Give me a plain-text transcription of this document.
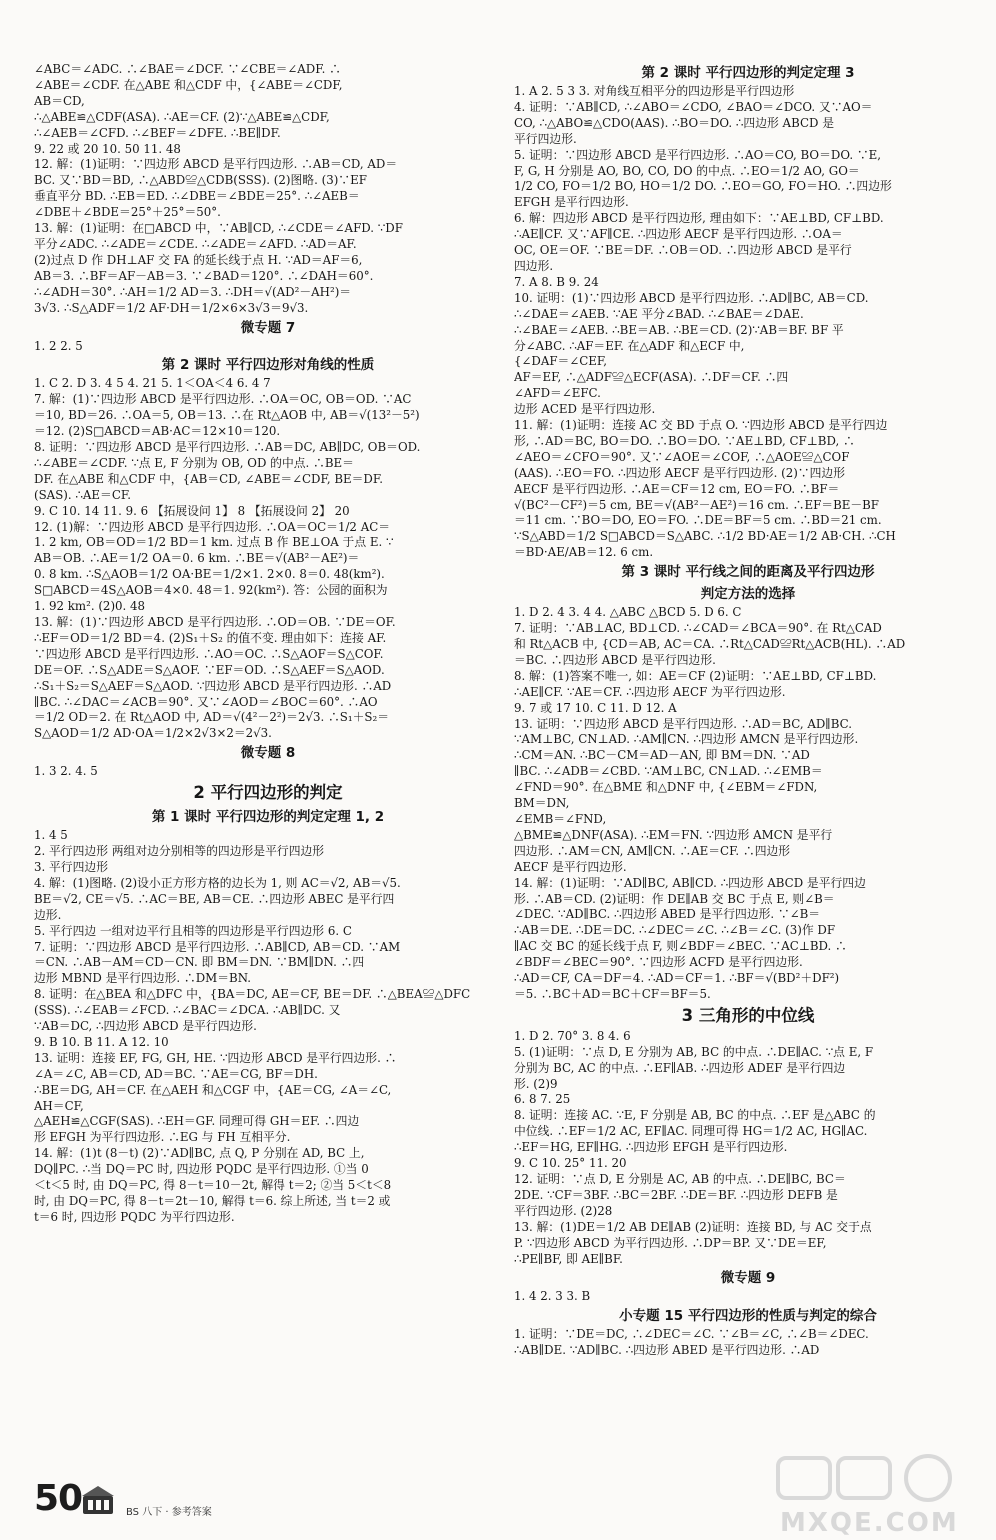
∠ABC＝∠ADC. ∴∠BAE＝∠DCF. ∵∠CBE＝∠ADF. ∴
∠ABE＝∠CDF. 在△ABE 和△CDF 中，{∠ABE＝∠CDF,
AB＝CD,
∴△ABE≌△CDF(ASA). ∴AE＝CF. (2)∵△ABE≌△CDF,
∴∠AEB＝∠CFD. ∴∠BEF＝∠DFE. ∴BE∥DF.
9. 22 或 20 10. 50 11. 48
12. 解：(1)证明：∵四边形 ABCD 是平行四边形. ∴AB＝CD, AD＝
BC. 又∵BD＝BD, ∴△ABD≌△CDB(SSS). (2)图略. (3)∵EF
垂直平分 BD. ∴EB＝ED. ∴∠DBE＝∠BDE＝25°. ∴∠AEB＝
∠DBE＋∠BDE＝25°＋25°＝50°.
13. 解：(1)证明：在□ABCD 中，∵AB∥CD, ∴∠CDE＝∠AFD. ∵DF
平分∠ADC. ∴∠ADE＝∠CDE. ∴∠ADE＝∠AFD. ∴AD＝AF.
(2)过点 D 作 DH⊥AF 交 FA 的延长线于点 H. ∵AD＝AF＝6,
AB＝3. ∴BF＝AF－AB＝3. ∵∠BAD＝120°. ∴∠DAH＝60°.
∴∠ADH＝30°. ∴AH＝1/2 AD＝3. ∴DH＝√(AD²－AH²)＝
3√3. ∴S△ADF＝1/2 AF·DH＝1/2×6×3√3＝9√3.
微专题 7
1. 2 2. 5
第 2 课时 平行四边形对角线的性质
1. C 2. D 3. 4 5 4. 21 5. 1＜OA＜4 6. 4 7
7. 解：(1)∵四边形 ABCD 是平行四边形. ∴OA＝OC, OB＝OD. ∵AC
＝10, BD＝26. ∴OA＝5, OB＝13. ∴在 Rt△AOB 中, AB＝√(13²－5²)
＝12. (2)S□ABCD＝AB·AC＝12×10＝120.
8. 证明：∵四边形 ABCD 是平行四边形. ∴AB＝DC, AB∥DC, OB＝OD.
∴∠ABE＝∠CDF. ∵点 E, F 分别为 OB, OD 的中点. ∴BE＝
DF. 在△ABE 和△CDF 中，{AB＝CD, ∠ABE＝∠CDF, BE＝DF.
(SAS). ∴AE＝CF.
9. C 10. 14 11. 9. 6 【拓展设问 1】 8 【拓展设问 2】 20
12. (1)解：∵四边形 ABCD 是平行四边形. ∴OA＝OC＝1/2 AC＝
1. 2 km, OB＝OD＝1/2 BD＝1 km. 过点 B 作 BE⊥OA 于点 E. ∵
AB＝OB. ∴AE＝1/2 OA＝0. 6 km. ∴BE＝√(AB²－AE²)＝
0. 8 km. ∴S△AOB＝1/2 OA·BE＝1/2×1. 2×0. 8＝0. 48(km²).
S□ABCD＝4S△AOB＝4×0. 48＝1. 92(km²). 答：公园的面积为
1. 92 km². (2)0. 48
13. 解：(1)∵四边形 ABCD 是平行四边形. ∴OD＝OB. ∵DE＝OF.
∴EF＝OD＝1/2 BD＝4. (2)S₁＋S₂ 的值不变. 理由如下：连接 AF.
∵四边形 ABCD 是平行四边形. ∴AO＝OC. ∴S△AOF＝S△COF.
DE＝OF. ∴S△ADE＝S△AOF. ∵EF＝OD. ∴S△AEF＝S△AOD.
∴S₁＋S₂＝S△AEF＝S△AOD. ∵四边形 ABCD 是平行四边形. ∴AD
∥BC. ∴∠DAC＝∠ACB＝90°. 又∵∠AOD＝∠BOC＝60°. ∴AO
＝1/2 OD＝2. 在 Rt△AOD 中, AD＝√(4²－2²)＝2√3. ∴S₁＋S₂＝
S△AOD＝1/2 AD·OA＝1/2×2√3×2＝2√3.
微专题 8
1. 3 2. 4. 5
2 平行四边形的判定
第 1 课时 平行四边形的判定定理 1, 2
1. 4 5
2. 平行四边形 两组对边分别相等的四边形是平行四边形
3. 平行四边形
4. 解：(1)图略. (2)设小正方形方格的边长为 1, 则 AC＝√2, AB＝√5.
BE＝√2, CE＝√5. ∴AC＝BE, AB＝CE. ∴四边形 ABEC 是平行四
边形.
5. 平行四边 一组对边平行且相等的四边形是平行四边形 6. C
7. 证明：∵四边形 ABCD 是平行四边形. ∴AB∥CD, AB＝CD. ∵AM
＝CN. ∴AB－AM＝CD－CN. 即 BM＝DN. ∵BM∥DN. ∴四
边形 MBND 是平行四边形. ∴DM＝BN.
8. 证明：在△BEA 和△DFC 中，{BA＝DC, AE＝CF, BE＝DF. ∴△BEA≌△DFC
(SSS). ∴∠EAB＝∠FCD. ∴∠BAC＝∠DCA. ∴AB∥DC. 又
∵AB＝DC, ∴四边形 ABCD 是平行四边形.
9. B 10. B 11. A 12. 10
13. 证明：连接 EF, FG, GH, HE. ∵四边形 ABCD 是平行四边形. ∴
∠A＝∠C, AB＝CD, AD＝BC. ∵AE＝CG, BF＝DH.
∴BE＝DG, AH＝CF. 在△AEH 和△CGF 中，{AE＝CG, ∠A＝∠C,
AH＝CF,
△AEH≌△CGF(SAS). ∴EH＝GF. 同理可得 GH＝EF. ∴四边
形 EFGH 为平行四边形. ∴EG 与 FH 互相平分.
14. 解：(1)t (8－t) (2)∵AD∥BC, 点 Q, P 分别在 AD, BC 上,
DQ∥PC. ∴当 DQ＝PC 时, 四边形 PQDC 是平行四边形. ①当 0
＜t＜5 时, 由 DQ＝PC, 得 8－t＝10－2t, 解得 t＝2; ②当 5＜t＜8
时, 由 DQ＝PC, 得 8－t＝2t－10, 解得 t＝6. 综上所述, 当 t＝2 或
t＝6 时, 四边形 PQDC 为平行四边形.
第 2 课时 平行四边形的判定定理 3
1. A 2. 5 3 3. 对角线互相平分的四边形是平行四边形
4. 证明：∵AB∥CD, ∴∠ABO＝∠CDO, ∠BAO＝∠DCO. 又∵AO＝
CO, ∴△ABO≌△CDO(AAS). ∴BO＝DO. ∴四边形 ABCD 是
平行四边形.
5. 证明：∵四边形 ABCD 是平行四边形. ∴AO＝CO, BO＝DO. ∵E,
F, G, H 分别是 AO, BO, CO, DO 的中点. ∴EO＝1/2 AO, GO＝
1/2 CO, FO＝1/2 BO, HO＝1/2 DO. ∴EO＝GO, FO＝HO. ∴四边形
EFGH 是平行四边形.
6. 解：四边形 ABCD 是平行四边形, 理由如下：∵AE⊥BD, CF⊥BD.
∴AE∥CF. 又∵AF∥CE. ∴四边形 AECF 是平行四边形. ∴OA＝
OC, OE＝OF. ∵BE＝DF. ∴OB＝OD. ∴四边形 ABCD 是平行
四边形.
7. A 8. B 9. 24
10. 证明：(1)∵四边形 ABCD 是平行四边形. ∴AD∥BC, AB＝CD.
∴∠DAE＝∠AEB. ∵AE 平分∠BAD. ∴∠BAE＝∠DAE.
∴∠BAE＝∠AEB. ∴BE＝AB. ∴BE＝CD. (2)∵AB＝BF. BF 平
分∠ABC. ∴AF＝EF. 在△ADF 和△ECF 中,
{∠DAF＝∠CEF,
AF＝EF, ∴△ADF≌△ECF(ASA). ∴DF＝CF. ∴四
∠AFD＝∠EFC.
边形 ACED 是平行四边形.
11. 解：(1)证明：连接 AC 交 BD 于点 O. ∵四边形 ABCD 是平行四边
形, ∴AD＝BC, BO＝DO. ∴BO＝DO. ∵AE⊥BD, CF⊥BD, ∴
∠AEO＝∠CFO＝90°. 又∵∠AOE＝∠COF, ∴△AOE≌△COF
(AAS). ∴EO＝FO. ∴四边形 AECF 是平行四边形. (2)∵四边形
AECF 是平行四边形. ∴AE＝CF＝12 cm, EO＝FO. ∴BF＝
√(BC²－CF²)＝5 cm, BE＝√(AB²－AE²)＝16 cm. ∴EF＝BE－BF
＝11 cm. ∵BO＝DO, EO＝FO. ∴DE＝BF＝5 cm. ∴BD＝21 cm.
∵S△ABD＝1/2 S□ABCD＝S△ABC. ∴1/2 BD·AE＝1/2 AB·CH. ∴CH
＝BD·AE/AB＝12. 6 cm.
第 3 课时 平行线之间的距离及平行四边形
判定方法的选择
1. D 2. 4 3. 4 4. △ABC △BCD 5. D 6. C
7. 证明：∵AB⊥AC, BD⊥CD. ∴∠CAD＝∠BCA＝90°. 在 Rt△CAD
和 Rt△ACB 中, {CD＝AB, AC＝CA. ∴Rt△CAD≌Rt△ACB(HL). ∴AD
＝BC. ∴四边形 ABCD 是平行四边形.
8. 解：(1)答案不唯一, 如：AE＝CF (2)证明：∵AE⊥BD, CF⊥BD.
∴AE∥CF. ∵AE＝CF. ∴四边形 AECF 为平行四边形.
9. 7 或 17 10. C 11. D 12. A
13. 证明：∵四边形 ABCD 是平行四边形. ∴AD＝BC, AD∥BC.
∵AM⊥BC, CN⊥AD. ∴AM∥CN. ∴四边形 AMCN 是平行四边形.
∴CM＝AN. ∴BC－CM＝AD－AN, 即 BM＝DN. ∵AD
∥BC. ∴∠ADB＝∠CBD. ∵AM⊥BC, CN⊥AD. ∴∠EMB＝
∠FND＝90°. 在△BME 和△DNF 中, {∠EBM＝∠FDN,
BM＝DN,
∠EMB＝∠FND,
△BME≌△DNF(ASA). ∴EM＝FN. ∵四边形 AMCN 是平行
四边形. ∴AM＝CN, AM∥CN. ∴AE＝CF. ∴四边形
AECF 是平行四边形.
14. 解：(1)证明：∵AD∥BC, AB∥CD. ∴四边形 ABCD 是平行四边
形. ∴AB＝CD. (2)证明：作 DE∥AB 交 BC 于点 E, 则∠B＝
∠DEC. ∵AD∥BC. ∴四边形 ABED 是平行四边形. ∵∠B＝
∴AB＝DE. ∴DE＝DC. ∴∠DEC＝∠C. ∴∠B＝∠C. (3)作 DF
∥AC 交 BC 的延长线于点 F, 则∠BDF＝∠BEC. ∵AC⊥BD. ∴
∠BDF＝∠BEC＝90°. ∵四边形 ACFD 是平行四边形.
∴AD＝CF, CA＝DF＝4. ∴AD＝CF＝1. ∴BF＝√(BD²＋DF²)
＝5. ∴BC＋AD＝BC＋CF＝BF＝5.
3 三角形的中位线
1. D 2. 70° 3. 8 4. 6
5. (1)证明：∵点 D, E 分别为 AB, BC 的中点. ∴DE∥AC. ∵点 E, F
分别为 BC, AC 的中点. ∴EF∥AB. ∴四边形 ADEF 是平行四边
形. (2)9
6. 8 7. 25
8. 证明：连接 AC. ∵E, F 分别是 AB, BC 的中点. ∴EF 是△ABC 的
中位线. ∴EF＝1/2 AC, EF∥AC. 同理可得 HG＝1/2 AC, HG∥AC.
∴EF＝HG, EF∥HG. ∴四边形 EFGH 是平行四边形.
9. C 10. 25° 11. 20
12. 证明：∵点 D, E 分别是 AC, AB 的中点. ∴DE∥BC, BC＝
2DE. ∵CF＝3BF. ∴BC＝2BF. ∴DE＝BF. ∴四边形 DEFB 是
平行四边形. (2)28
13. 解：(1)DE＝1/2 AB DE∥AB (2)证明：连接 BD, 与 AC 交于点
P. ∵四边形 ABCD 为平行四边形. ∴DP＝BP. 又∵DE＝EF,
∴PE∥BF, 即 AE∥BF.
微专题 9
1. 4 2. 3 3. B
小专题 15 平行四边形的性质与判定的综合
1. 证明：∵DE＝DC, ∴∠DEC＝∠C. ∵∠B＝∠C, ∴∠B＝∠DEC.
∴AB∥DE. ∵AD∥BC. ∴四边形 ABED 是平行四边形. ∴AD
50	BS 八下 · 参考答案	MXQE.COM
